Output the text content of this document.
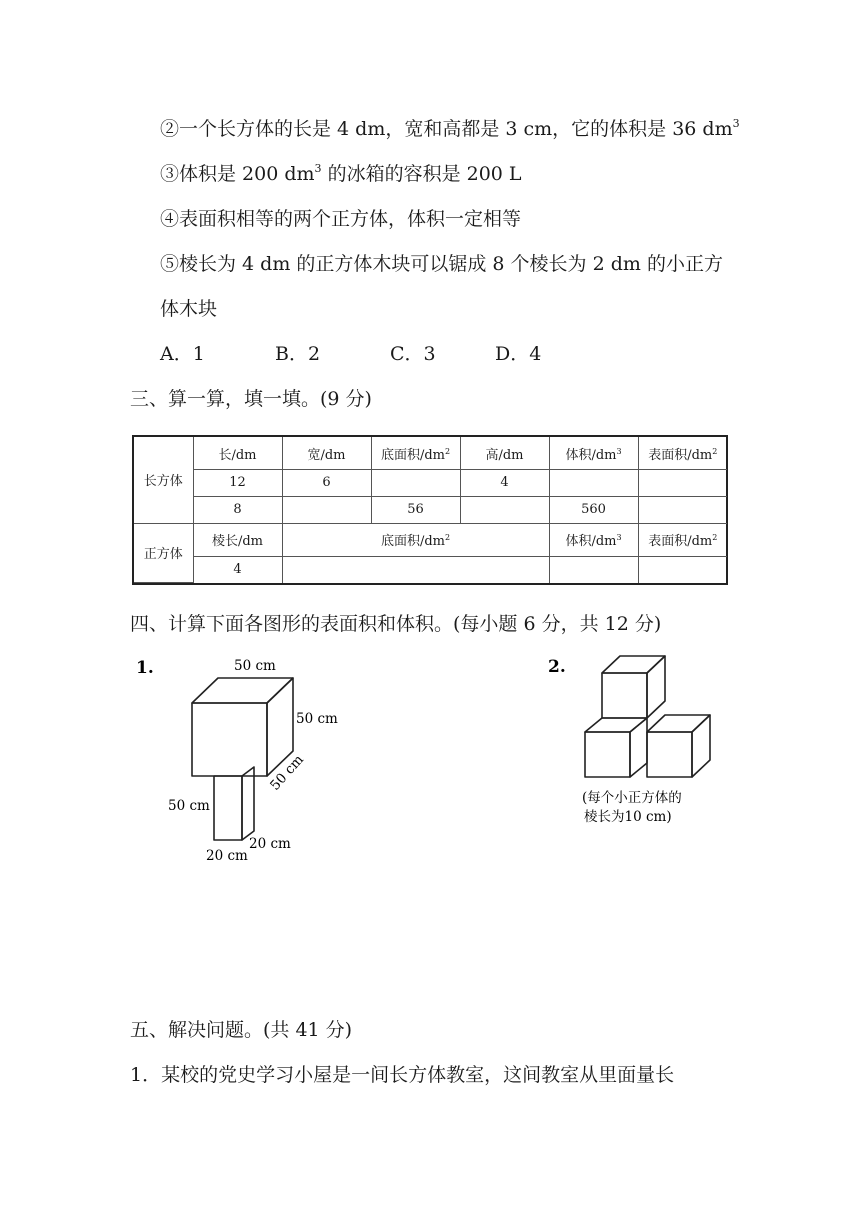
②一个长方体的长是 4 dm，宽和高都是 3 cm，它的体积是 36 $dm^3$
③体积是 200 $dm^3$ 的冰箱的容积是 200 L
④表面积相等的两个正方体，体积一定相等
⑤棱长为 4 dm 的正方体木块可以锯成 8 个棱长为 2 dm 的小正方
体木块
A．1	B．2	C．3	D．4
三、算一算，填一填。(9 分)
长方体	长/dm	宽/dm	底面积$/dm^2$	高/dm	体积$/dm^3$	表面积$/dm^2$
	12	6		4		
	8		56		560	
正方体	棱长/dm	底面积$/dm^2$			体积$/dm^3$	表面积$/dm^2$
	4					
四、计算下面各图形的表面积和体积。(每小题 6 分，共 12 分)
1.	50 cm
50 cm
50 cm
50 cm
20 cm
20 cm
2.
(每个小正方体的
棱长为10 cm)
五、解决问题。(共 41 分)
1．某校的党史学习小屋是一间长方体教室，这间教室从里面量长
